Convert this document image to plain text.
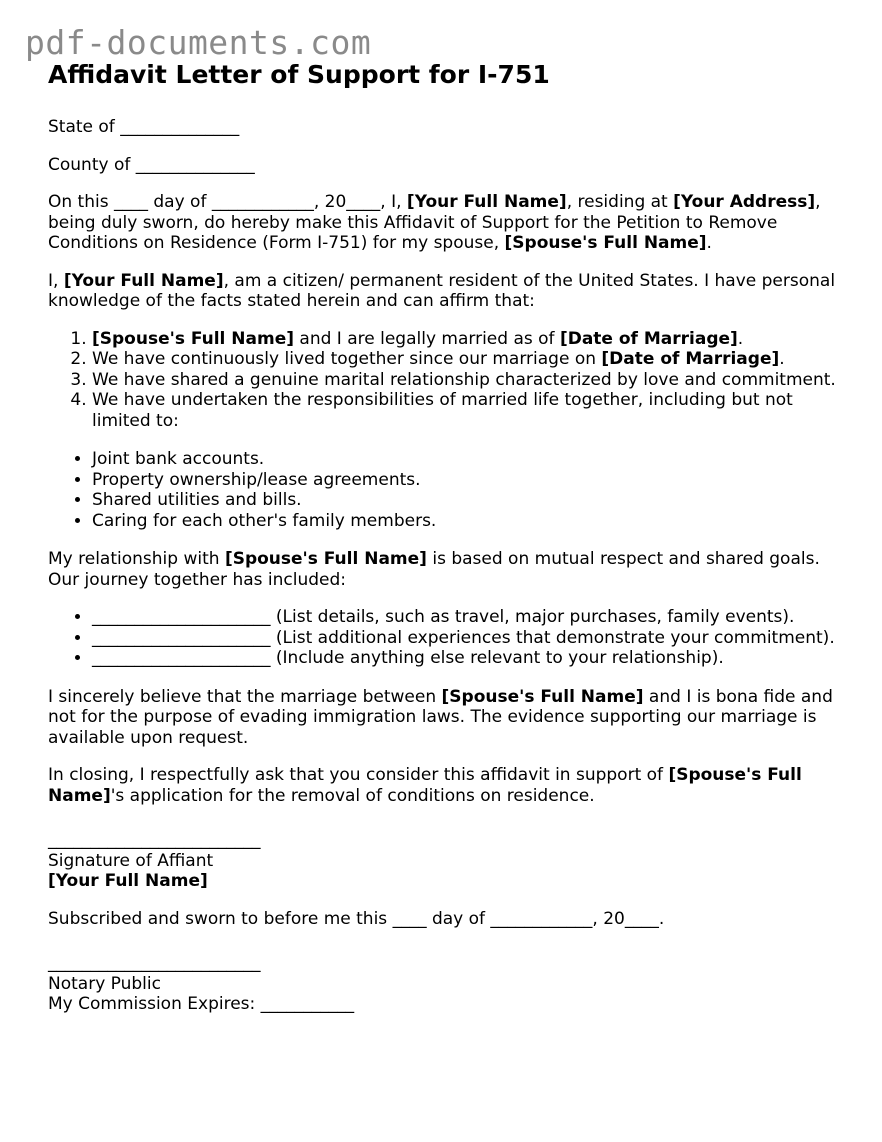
pdf-documents.com
Affidavit Letter of Support for I-751

State of ______________

County of ______________

On this ____ day of ____________, 20____, I, [Your Full Name], residing at [Your Address], being duly sworn, do hereby make this Affidavit of Support for the Petition to Remove Conditions on Residence (Form I-751) for my spouse, [Spouse's Full Name].

I, [Your Full Name], am a citizen/ permanent resident of the United States. I have personal knowledge of the facts stated herein and can affirm that:

1. [Spouse's Full Name] and I are legally married as of [Date of Marriage].
2. We have continuously lived together since our marriage on [Date of Marriage].
3. We have shared a genuine marital relationship characterized by love and commitment.
4. We have undertaken the responsibilities of married life together, including but not limited to:
• Joint bank accounts.
• Property ownership/lease agreements.
• Shared utilities and bills.
• Caring for each other's family members.

My relationship with [Spouse's Full Name] is based on mutual respect and shared goals. Our journey together has included:

• _____________________ (List details, such as travel, major purchases, family events).
• _____________________ (List additional experiences that demonstrate your commitment).
• _____________________ (Include anything else relevant to your relationship).

I sincerely believe that the marriage between [Spouse's Full Name] and I is bona fide and not for the purpose of evading immigration laws. The evidence supporting our marriage is available upon request.

In closing, I respectfully ask that you consider this affidavit in support of [Spouse's Full Name]'s application for the removal of conditions on residence.

_________________________
Signature of Affiant
[Your Full Name]

Subscribed and sworn to before me this ____ day of ____________, 20____.

_________________________
Notary Public
My Commission Expires: ___________
